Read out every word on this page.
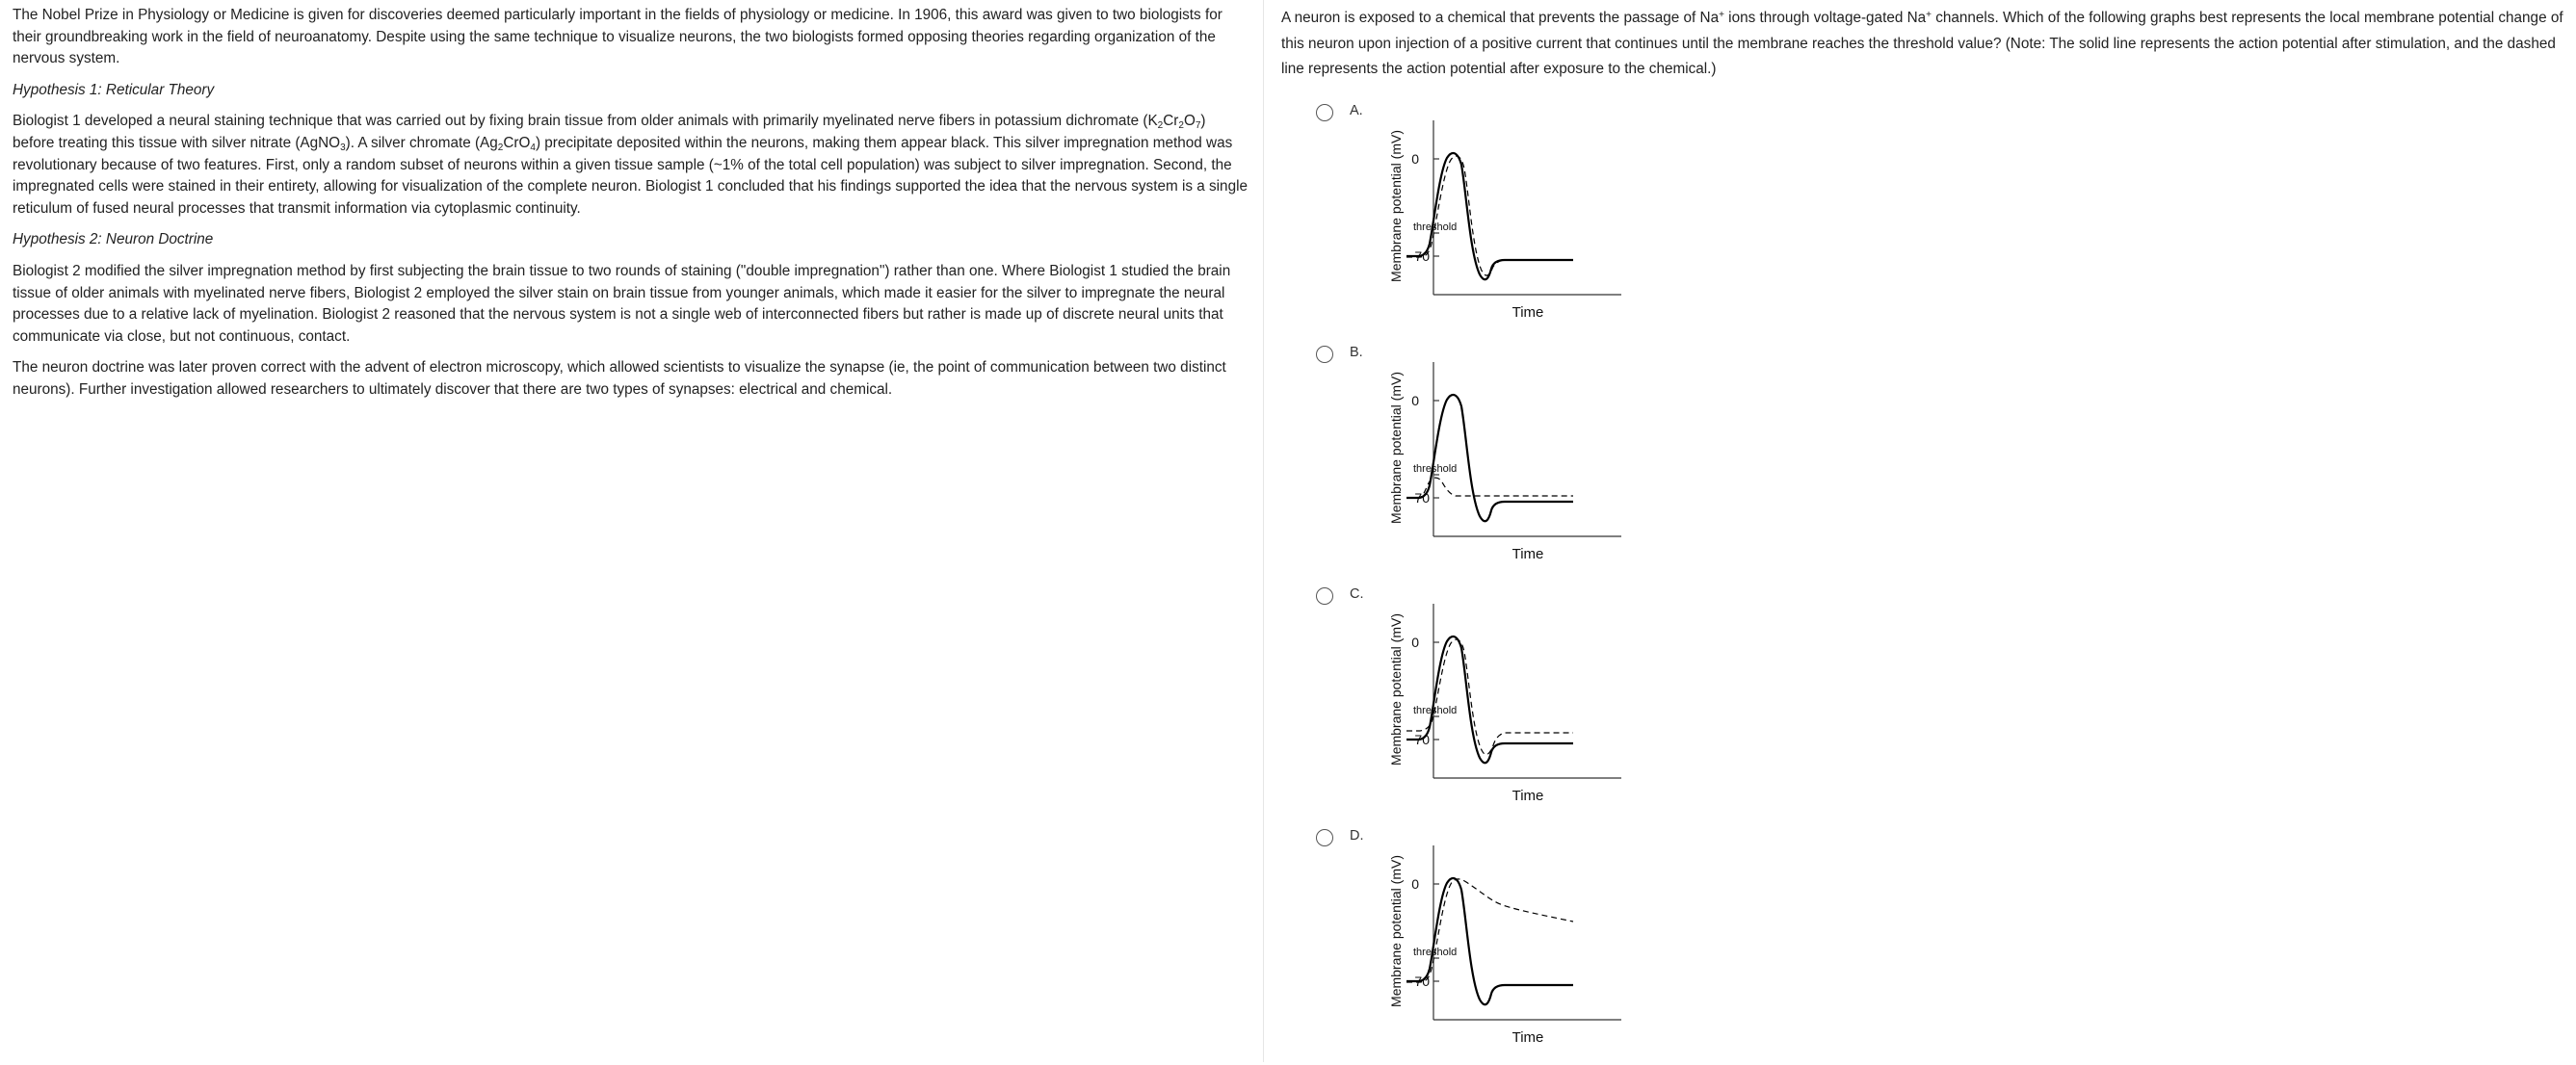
The Nobel Prize in Physiology or Medicine is given for discoveries deemed particularly important in the fields of physiology or medicine. In 1906, this award was given to two biologists for their groundbreaking work in the field of neuroanatomy. Despite using the same technique to visualize neurons, the two biologists formed opposing theories regarding organization of the nervous system.

Hypothesis 1: Reticular Theory

Biologist 1 developed a neural staining technique that was carried out by fixing brain tissue from older animals with primarily myelinated nerve fibers in potassium dichromate $(K_2Cr_2O_7)$ before treating this tissue with silver nitrate (AgNO$_3$). A silver chromate $(Ag_2CrO_4)$ precipitate deposited within the neurons, making them appear black. This silver impregnation method was revolutionary because of two features. First, only a random subset of neurons within a given tissue sample (~1% of the total cell population) was subject to silver impregnation. Second, the impregnated cells were stained in their entirety, allowing for visualization of the complete neuron. Biologist 1 concluded that his findings supported the idea that the nervous system is a single reticulum of fused neural processes that transmit information via cytoplasmic continuity.

Hypothesis 2: Neuron Doctrine

Biologist 2 modified the silver impregnation method by first subjecting the brain tissue to two rounds of staining ("double impregnation") rather than one. Where Biologist 1 studied the brain tissue of older animals with myelinated nerve fibers, Biologist 2 employed the silver stain on brain tissue from younger animals, which made it easier for the silver to impregnate the neural processes due to a relative lack of myelination. Biologist 2 reasoned that the nervous system is not a single web of interconnected fibers but rather is made up of discrete neural units that communicate via close, but not continuous, contact.

The neuron doctrine was later proven correct with the advent of electron microscopy, which allowed scientists to visualize the synapse (ie, the point of communication between two distinct neurons). Further investigation allowed researchers to ultimately discover that there are two types of synapses: electrical and chemical.

A neuron is exposed to a chemical that prevents the passage of Na+ ions through voltage-gated Na+ channels. Which of the following graphs best represents the local membrane potential change of this neuron upon injection of a positive current that continues until the membrane reaches the threshold value? (Note: The solid line represents the action potential after stimulation, and the dashed line represents the action potential after exposure to the chemical.)

A.
0
−70
threshold
Membrane potential (mV)
Time
B.
0
−70
threshold
Membrane potential (mV)
Time
C.
0
−70
threshold
Membrane potential (mV)
Time
D.
0
−70
threshold
Membrane potential (mV)
Time
